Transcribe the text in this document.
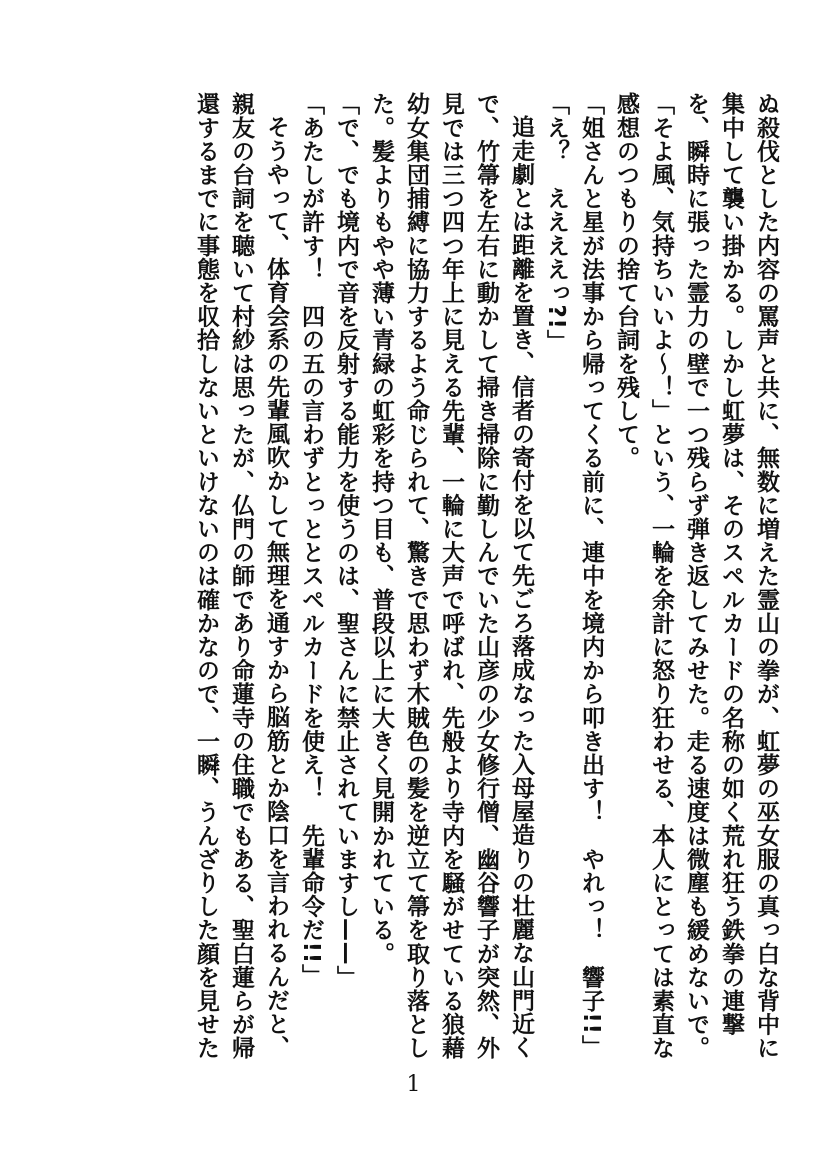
ぬ殺伐とした内容の罵声と共に、無数に増えた霊山の拳が、虹夢の巫女服の真っ白な背中に集中して襲い掛かる。しかし虹夢は、そのスペルカードの名称の如く荒れ狂う鉄拳の連撃を、瞬時に張った霊力の壁で一つ残らず弾き返してみせた。走る速度は微塵も緩めないで。「そよ風、気持ちいいよ〜！」という、一輪を余計に怒り狂わせる、本人にとっては素直な感想のつもりの捨て台詞を残して。

「姐さんと星が法事から帰ってくる前に、連中を境内から叩き出す！　やれっ！　響子!!」

「え？　ええええっ?!」

追走劇とは距離を置き、信者の寄付を以て先ごろ落成なった入母屋造りの壮麗な山門近くで、竹箒を左右に動かして掃き掃除に勤しんでいた山彦の少女修行僧、幽谷響子が突然、外見では三つ四つ年上に見える先輩、一輪に大声で呼ばれ、先般より寺内を騒がせている狼藉幼女集団捕縛に協力するよう命じられて、驚きで思わず木賊色の髪を逆立て箒を取り落とした。髪よりもやや薄い青緑の虹彩を持つ目も、普段以上に大きく見開かれている。

「で、でも境内で音を反射する能力を使うのは、聖さんに禁止されていますし——」

「あたしが許す！　四の五の言わずとっととスペルカードを使え！　先輩命令だ!!」

そうやって、体育会系の先輩風吹かして無理を通すから脳筋とか陰口を言われるんだと、親友の台詞を聴いて村紗は思ったが、仏門の師であり命蓮寺の住職でもある、聖白蓮らが帰還するまでに事態を収拾しないといけないのは確かなので、一瞬、うんざりした顔を見せた

1
